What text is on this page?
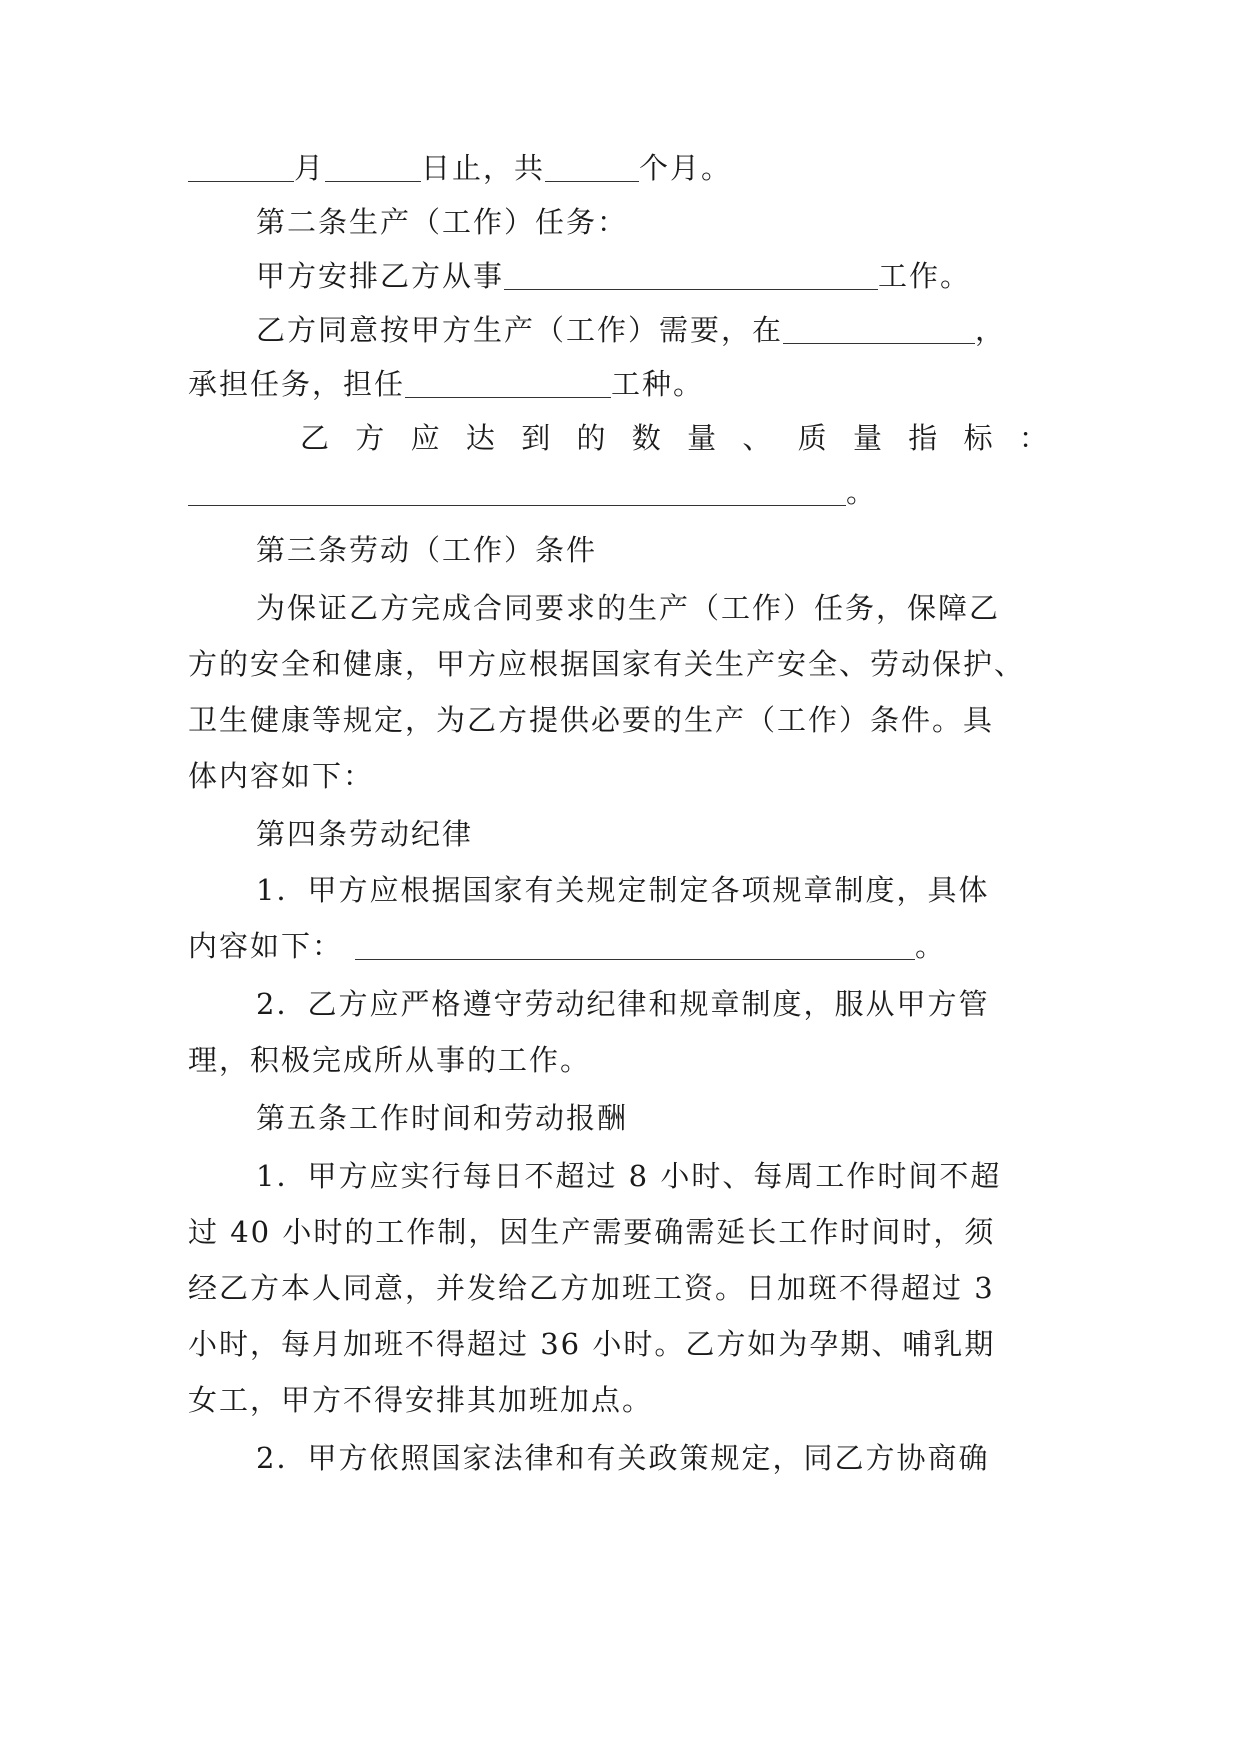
月	日止，共	个月。
第二条生产（工作）任务：
甲方安排乙方从事	工作。
乙方同意按甲方生产（工作）需要，在	，
承担任务，担任	工种。
乙 方 应 达 到 的 数 量 、 质 量 指 标 ：
。
第三条劳动（工作）条件
为保证乙方完成合同要求的生产（工作）任务，保障乙
方的安全和健康，甲方应根据国家有关生产安全、劳动保护、
卫生健康等规定，为乙方提供必要的生产（工作）条件。具
体内容如下：
第四条劳动纪律
1．甲方应根据国家有关规定制定各项规章制度，具体
内容如下：	。
2．乙方应严格遵守劳动纪律和规章制度，服从甲方管
理，积极完成所从事的工作。
第五条工作时间和劳动报酬
1．甲方应实行每日不超过 8 小时、每周工作时间不超
过 40 小时的工作制，因生产需要确需延长工作时间时，须
经乙方本人同意，并发给乙方加班工资。日加斑不得超过 3
小时，每月加班不得超过 36 小时。乙方如为孕期、哺乳期
女工，甲方不得安排其加班加点。
2．甲方依照国家法律和有关政策规定，同乙方协商确
